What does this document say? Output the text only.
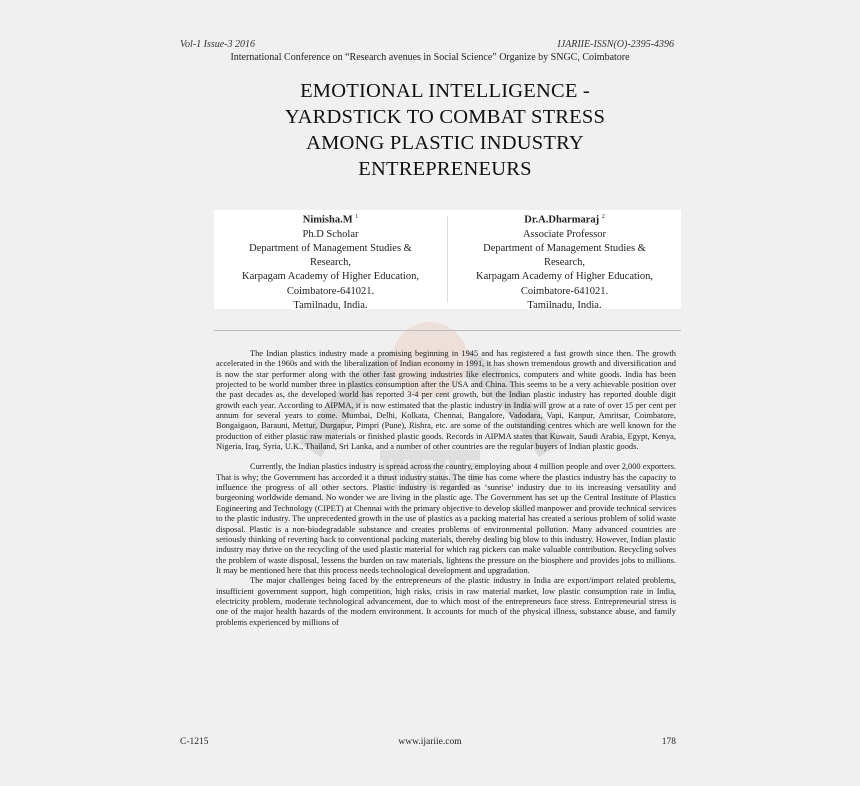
IJARIIE
Vol-1 Issue-3 2016	IJARIIE-ISSN(O)-2395-4396
International Conference on “Research avenues in Social Science” Organize by SNGC, Coimbatore
EMOTIONAL INTELLIGENCE -
YARDSTICK TO COMBAT STRESS
AMONG PLASTIC INDUSTRY
ENTREPRENEURS
Nimisha.M $^1$
Ph.D Scholar
Department of Management Studies &
Research,
Karpagam Academy of Higher Education,
Coimbatore-641021.
Tamilnadu, India.
Dr.A.Dharmaraj $^2$
Associate Professor
Department of Management Studies &
Research,
Karpagam Academy of Higher Education,
Coimbatore-641021.
Tamilnadu, India.

The Indian plastics industry made a promising beginning in 1945 and has registered a fast growth since then. The growth accelerated in the 1960s and with the liberalization of Indian economy in 1991, it has shown tremendous growth and diversification and is now the star performer along with the other fast growing industries like electronics, computers and white goods. India has been projected to be world number three in plastics consumption after the USA and China. This seems to be a very achievable position over the past decades as, the developed world has reported 3-4 per cent growth, but the Indian plastic industry has reported double digit growth each year. According to AIPMA, it is now estimated that the plastic industry in India will grow at a rate of over 15 per cent per annum for several years to come. Mumbai, Delhi, Kolkata, Chennai, Bangalore, Vadodara, Vapi, Kanpur, Amritsar, Coimbatore, Bongaigaon, Barauni, Mettur, Durgapur, Pimpri (Pune), Rishra, etc. are some of the outstanding centres which are well known for the production of either plastic raw materials or finished plastic goods. Records in AIPMA states that Kuwait, Saudi Arabia, Egypt, Kenya, Nigeria, Iraq, Syria, U.K., Thailand, Sri Lanka, and a number of other countries are the regular buyers of Indian plastic goods.

Currently, the Indian plastics industry is spread across the country, employing about 4 million people and over 2,000 exporters. That is why; the Government has accorded it a thrust industry status. The time has come where the plastics industry has the capacity to influence the progress of all other sectors. Plastic industry is regarded as ‘sunrise’ industry due to its increasing versatility and burgeoning worldwide demand. No wonder we are living in the plastic age. The Government has set up the Central Institute of Plastics Engineering and Technology (CIPET) at Chennai with the primary objective to develop skilled manpower and provide technical services to the plastic industry. The unprecedented growth in the use of plastics as a packing material has created a serious problem of solid waste disposal. Plastic is a non-biodegradable substance and creates problems of environmental pollution. Many advanced countries are seriously thinking of reverting back to conventional packing materials, thereby dealing big blow to this industry. However, Indian plastic industry may thrive on the recycling of the used plastic material for which rag pickers can make valuable contribution. Recycling solves the problem of waste disposal, lessens the burden on raw materials, lightens the pressure on the biosphere and provides jobs to millions. It may be mentioned here that this process needs technological development and upgradation.

The major challenges being faced by the entrepreneurs of the plastic industry in India are export/import related problems, insufficient government support, high competition, high risks, crisis in raw material market, low plastic consumption rate in India, electricity problem, moderate technological advancement, due to which most of the entrepreneurs face stress. Entrepreneurial stress is one of the major health hazards of the modern environment. It accounts for much of the physical illness, substance abuse, and family problems experienced by millions of

C-1215	www.ijariie.com	178
